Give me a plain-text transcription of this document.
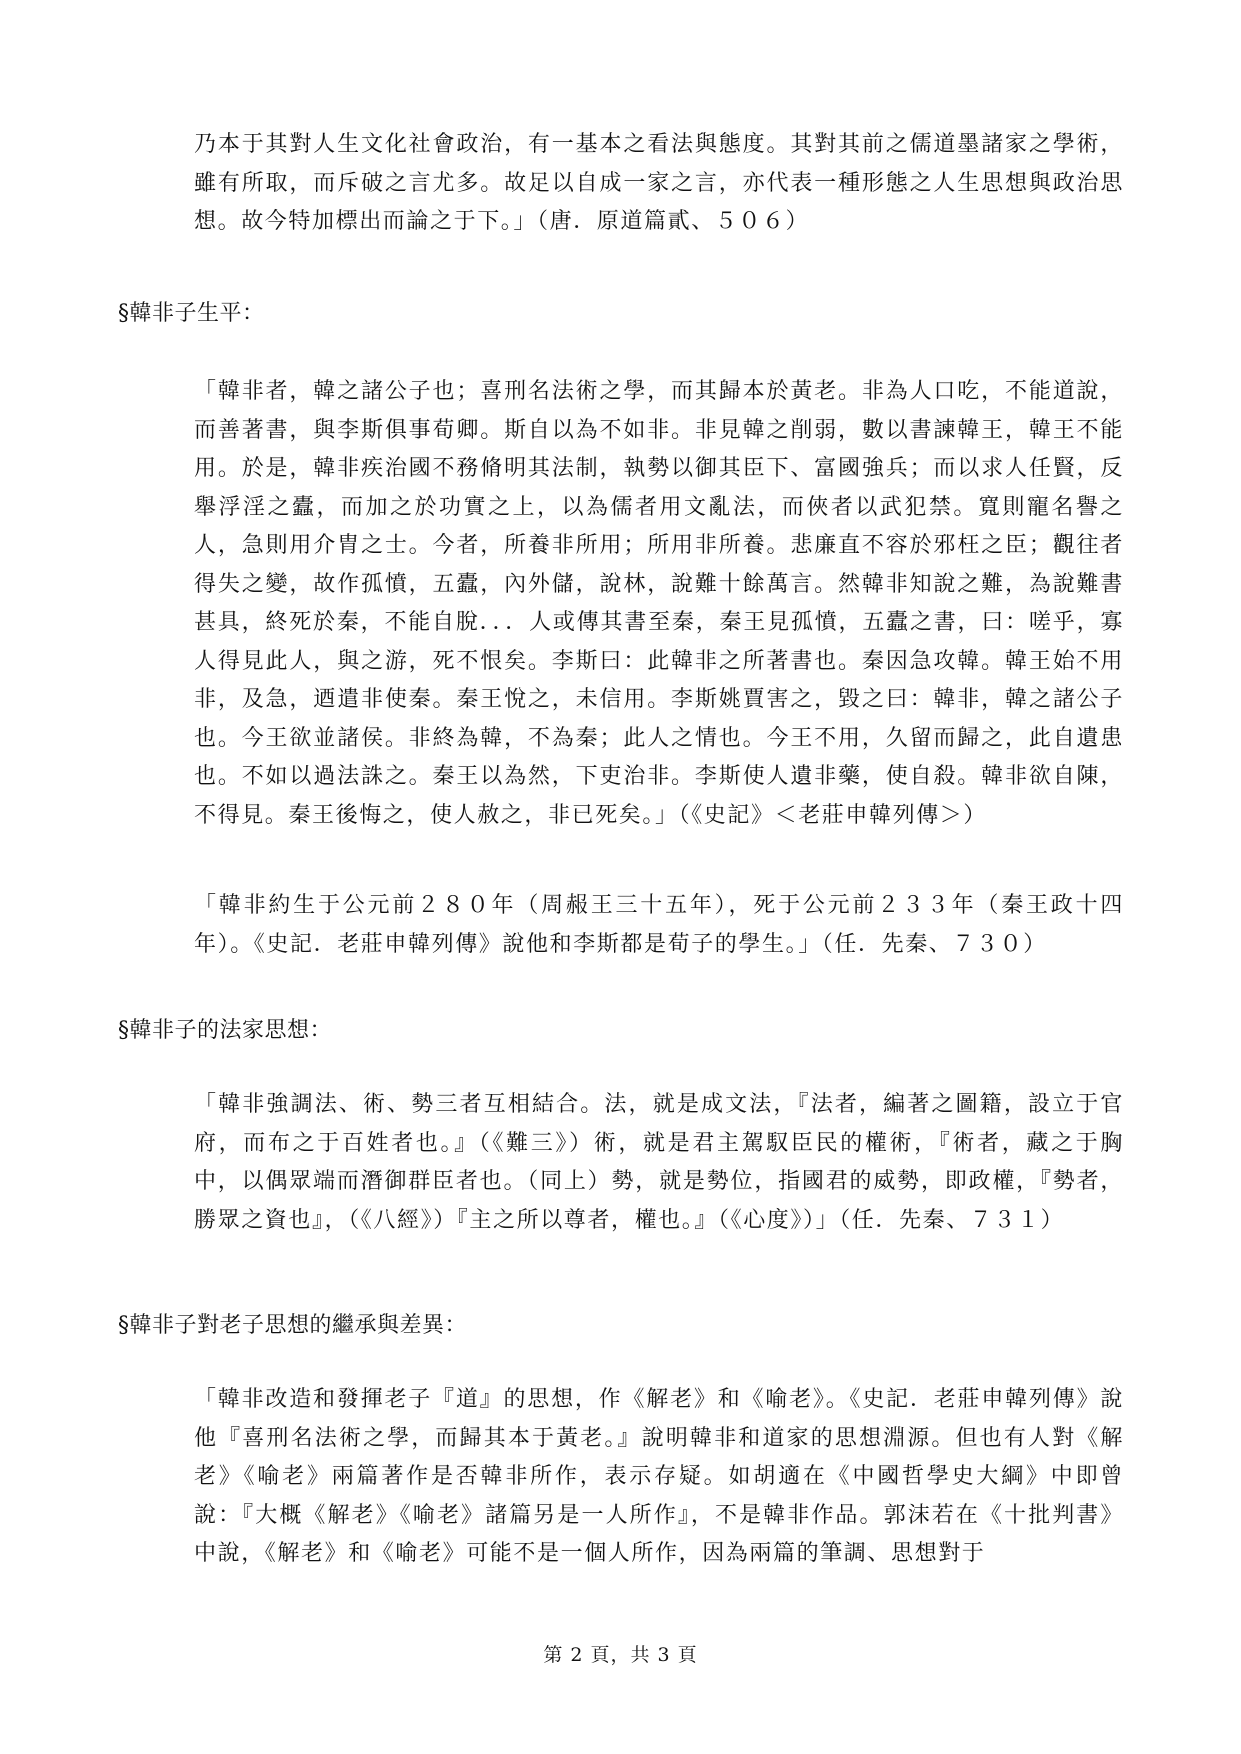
乃本于其對人生文化社會政治，有一基本之看法與態度。其對其前之儒道墨諸家之學術，雖有所取，而斥破之言尤多。故足以自成一家之言，亦代表一種形態之人生思想與政治思想。故今特加標出而論之于下。」（唐．原道篇貳、５０６）

§韓非子生平：

「韓非者，韓之諸公子也；喜刑名法術之學，而其歸本於黃老。非為人口吃，不能道說，而善著書，與李斯俱事荀卿。斯自以為不如非。非見韓之削弱，數以書諫韓王，韓王不能用。於是，韓非疾治國不務脩明其法制，執勢以御其臣下、富國強兵；而以求人任賢，反舉浮淫之蠹，而加之於功實之上，以為儒者用文亂法，而俠者以武犯禁。寬則寵名譽之人，急則用介胄之士。今者，所養非所用；所用非所養。悲廉直不容於邪枉之臣；觀往者得失之變，故作孤憤，五蠹，內外儲，說林，說難十餘萬言。然韓非知說之難，為說難書甚具，終死於秦，不能自脫．．．人或傳其書至秦，秦王見孤憤，五蠹之書，曰：嗟乎，寡人得見此人，與之游，死不恨矣。李斯曰：此韓非之所著書也。秦因急攻韓。韓王始不用非，及急，迺遣非使秦。秦王悅之，未信用。李斯姚賈害之，毀之曰：韓非，韓之諸公子也。今王欲並諸侯。非終為韓，不為秦；此人之情也。今王不用，久留而歸之，此自遺患也。不如以過法誅之。秦王以為然，下吏治非。李斯使人遺非藥，使自殺。韓非欲自陳，不得見。秦王後悔之，使人赦之，非已死矣。」（《史記》＜老莊申韓列傳＞）

「韓非約生于公元前２８０年（周赧王三十五年），死于公元前２３３年（秦王政十四年）。《史記．老莊申韓列傳》說他和李斯都是荀子的學生。」（任．先秦、７３０）

§韓非子的法家思想：

「韓非強調法、術、勢三者互相結合。法，就是成文法，『法者，編著之圖籍，設立于官府，而布之于百姓者也。』（《難三》）術，就是君主駕馭臣民的權術，『術者，藏之于胸中，以偶眾端而潛御群臣者也。（同上）勢，就是勢位，指國君的威勢，即政權，『勢者，勝眾之資也』，（《八經》）『主之所以尊者，權也。』（《心度》）」（任．先秦、７３１）

§韓非子對老子思想的繼承與差異：

「韓非改造和發揮老子『道』的思想，作《解老》和《喻老》。《史記．老莊申韓列傳》說他『喜刑名法術之學，而歸其本于黃老。』說明韓非和道家的思想淵源。但也有人對《解老》《喻老》兩篇著作是否韓非所作，表示存疑。如胡適在《中國哲學史大綱》中即曾說：『大概《解老》《喻老》諸篇另是一人所作』，不是韓非作品。郭沫若在《十批判書》中說，《解老》和《喻老》可能不是一個人所作，因為兩篇的筆調、思想對于

第 2 頁，共 3 頁
